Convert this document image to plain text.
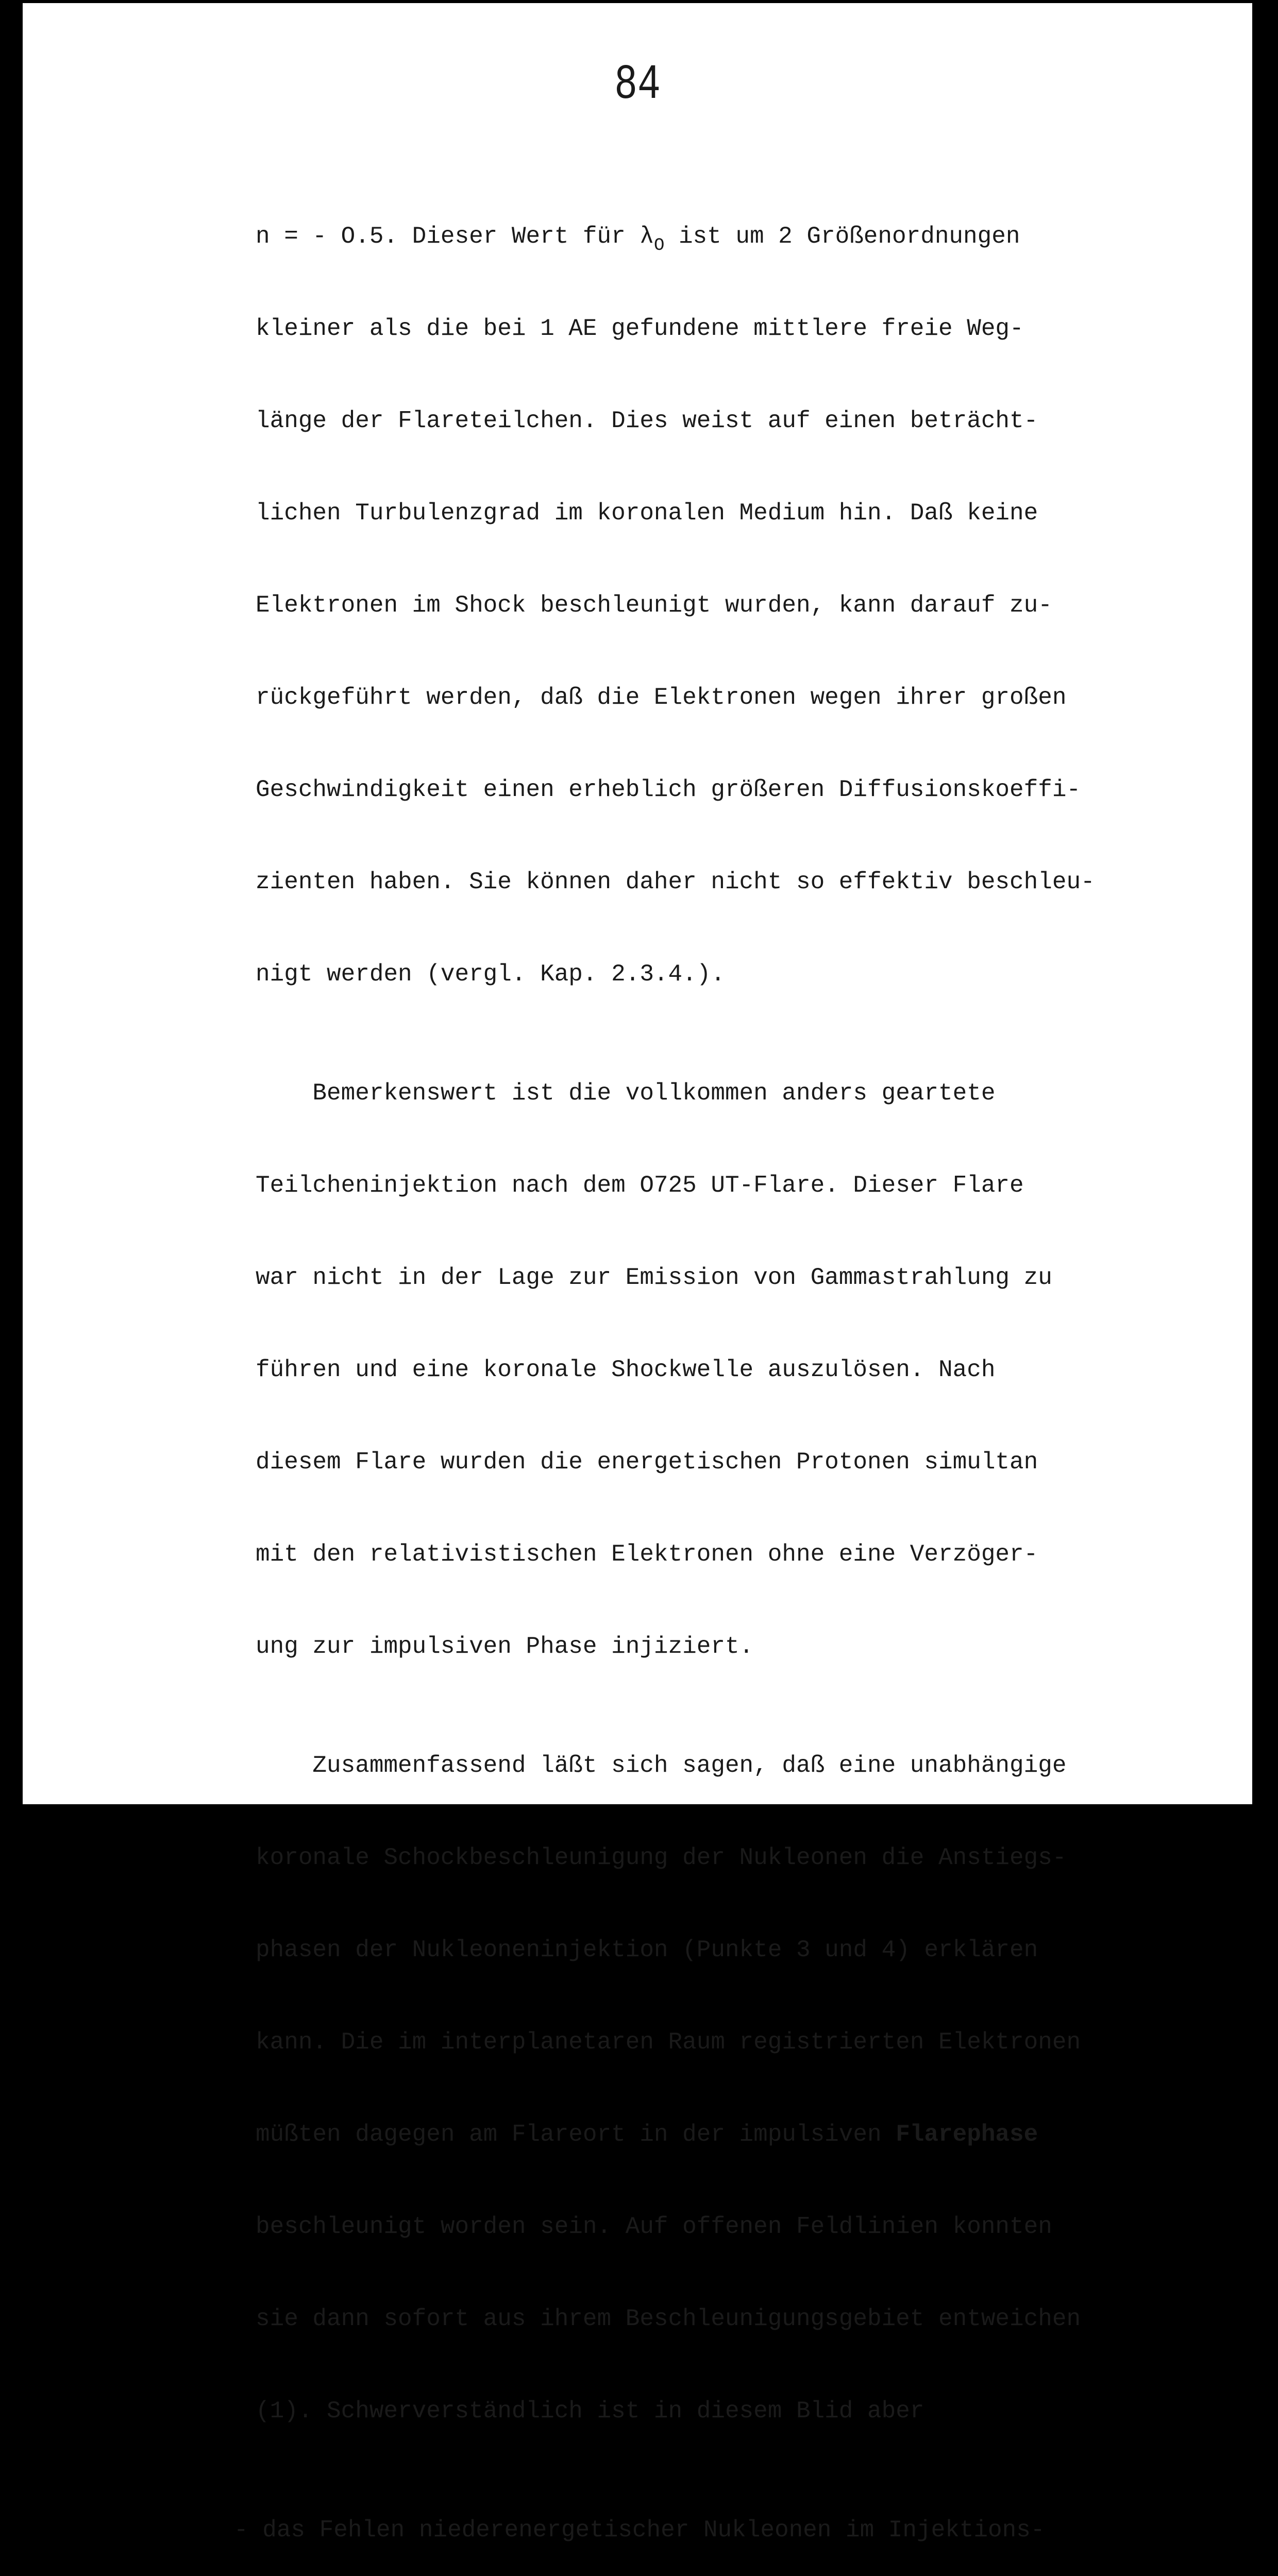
84

n = - O.5. Dieser Wert für $\lambda_O$ ist um 2 Größenordnungen

kleiner als die bei 1 AE gefundene mittlere freie Weg-

länge der Flareteilchen. Dies weist auf einen beträcht-

lichen Turbulenzgrad im koronalen Medium hin. Daß keine

Elektronen im Shock beschleunigt wurden, kann darauf zu-

rückgeführt werden, daß die Elektronen wegen ihrer großen

Geschwindigkeit einen erheblich größeren Diffusionskoeffi-

zienten haben. Sie können daher nicht so effektiv beschleu-

nigt werden (vergl. Kap. 2.3.4.).

Bemerkenswert ist die vollkommen anders geartete

Teilcheninjektion nach dem O725 UT-Flare. Dieser Flare

war nicht in der Lage zur Emission von Gammastrahlung zu

führen und eine koronale Shockwelle auszulösen. Nach

diesem Flare wurden die energetischen Protonen simultan

mit den relativistischen Elektronen ohne eine Verzöger-

ung zur impulsiven Phase injiziert.

Zusammenfassend läßt sich sagen, daß eine unabhängige

koronale Schockbeschleunigung der Nukleonen die Anstiegs-

phasen der Nukleoneninjektion (Punkte 3 und 4) erklären

kann. Die im interplanetaren Raum registrierten Elektronen

müßten dagegen am Flareort in der impulsiven Flarephase

beschleunigt worden sein. Auf offenen Feldlinien konnten

sie dann sofort aus ihrem Beschleunigungsgebiet entweichen

(1). Schwerverständlich ist in diesem Blid aber

- das Fehlen niederenergetischer Nukleonen im Injektions-
